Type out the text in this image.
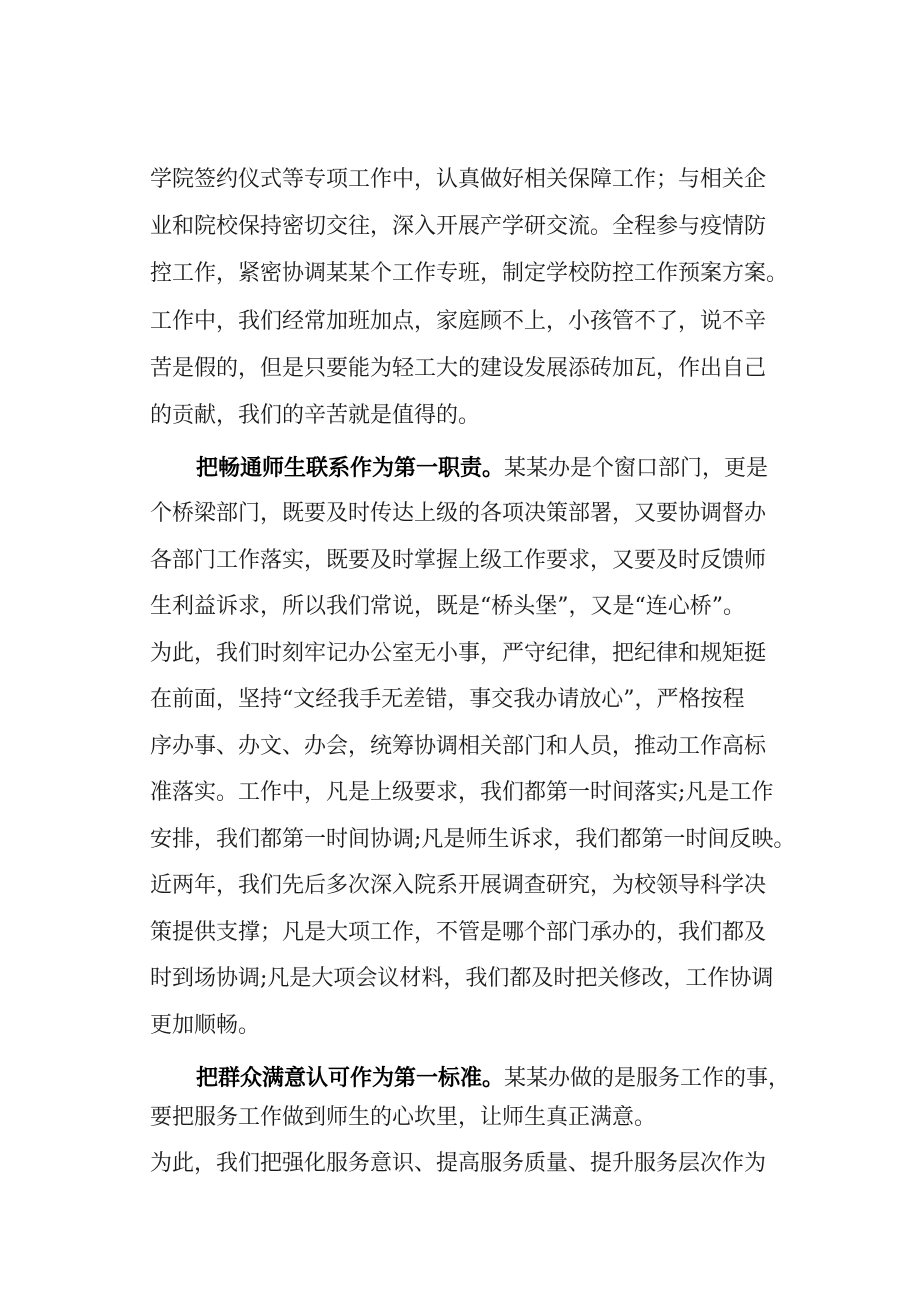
学院签约仪式等专项工作中，认真做好相关保障工作；与相关企
业和院校保持密切交往，深入开展产学研交流。全程参与疫情防
控工作，紧密协调某某个工作专班，制定学校防控工作预案方案。
工作中，我们经常加班加点，家庭顾不上，小孩管不了，说不辛
苦是假的，但是只要能为轻工大的建设发展添砖加瓦，作出自己
的贡献，我们的辛苦就是值得的。
把畅通师生联系作为第一职责。某某办是个窗口部门，更是
个桥梁部门，既要及时传达上级的各项决策部署，又要协调督办
各部门工作落实，既要及时掌握上级工作要求，又要及时反馈师
生利益诉求，所以我们常说，既是“桥头堡”，又是“连心桥”。
为此，我们时刻牢记办公室无小事，严守纪律，把纪律和规矩挺
在前面，坚持“文经我手无差错，事交我办请放心”，严格按程
序办事、办文、办会，统筹协调相关部门和人员，推动工作高标
准落实。工作中，凡是上级要求，我们都第一时间落实;凡是工作
安排，我们都第一时间协调;凡是师生诉求，我们都第一时间反映。
近两年，我们先后多次深入院系开展调查研究，为校领导科学决
策提供支撑；凡是大项工作，不管是哪个部门承办的，我们都及
时到场协调;凡是大项会议材料，我们都及时把关修改，工作协调
更加顺畅。
把群众满意认可作为第一标准。某某办做的是服务工作的事，
要把服务工作做到师生的心坎里，让师生真正满意。
为此，我们把强化服务意识、提高服务质量、提升服务层次作为
